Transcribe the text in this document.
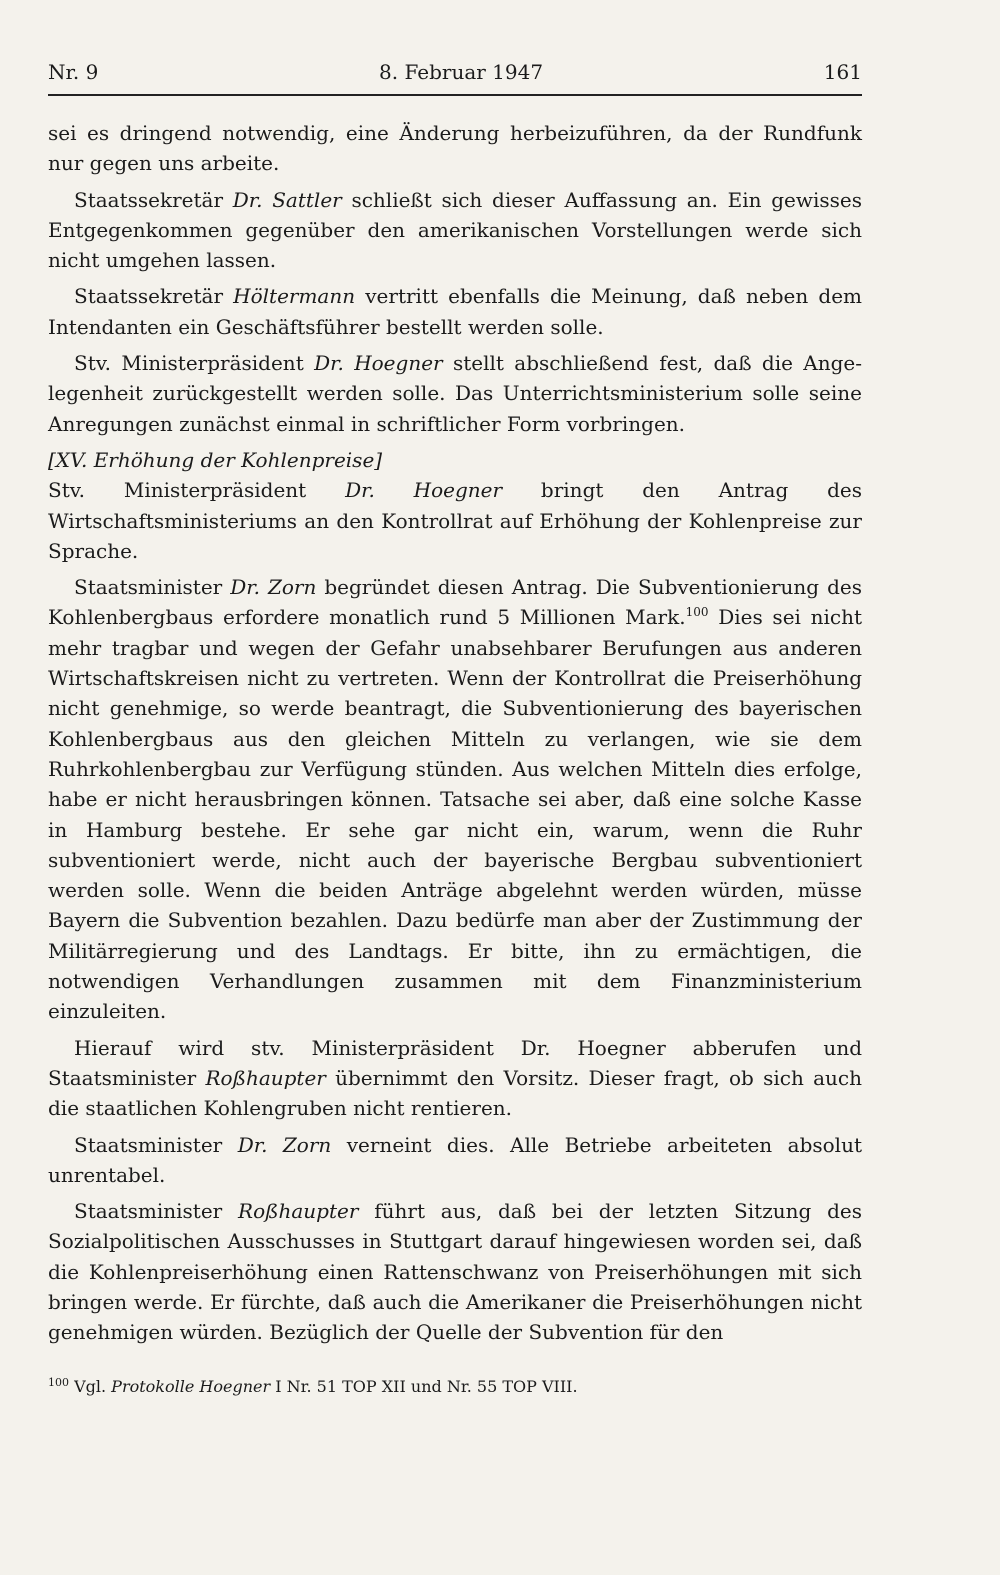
Nr. 9	8. Februar 1947	161

sei es dringend notwendig, eine Änderung herbeizuführen, da der Rundfunk nur gegen uns arbeite.

Staatssekretär Dr. Sattler schließt sich dieser Auffassung an. Ein gewisses Entgegenkommen gegenüber den amerikanischen Vorstellungen werde sich nicht umgehen lassen.

Staatssekretär Höltermann vertritt ebenfalls die Meinung, daß neben dem Intendanten ein Geschäftsführer bestellt werden solle.

Stv. Ministerpräsident Dr. Hoegner stellt abschließend fest, daß die Ange-legenheit zurückgestellt werden solle. Das Unterrichtsministerium solle seine Anregungen zunächst einmal in schriftlicher Form vorbringen.

[XV. Erhöhung der Kohlenpreise]

Stv. Ministerpräsident Dr. Hoegner bringt den Antrag des Wirtschaftsministeriums an den Kontrollrat auf Erhöhung der Kohlenpreise zur Sprache.

Staatsminister Dr. Zorn begründet diesen Antrag. Die Subventionierung des Kohlenbergbaus erfordere monatlich rund 5 Millionen Mark.$^{100}$ Dies sei nicht mehr tragbar und wegen der Gefahr unabsehbarer Berufungen aus anderen Wirtschaftskreisen nicht zu vertreten. Wenn der Kontrollrat die Preiserhöhung nicht genehmige, so werde beantragt, die Subventionierung des bayerischen Kohlenbergbaus aus den gleichen Mitteln zu verlangen, wie sie dem Ruhrkohlenbergbau zur Verfügung stünden. Aus welchen Mitteln dies erfolge, habe er nicht herausbringen können. Tatsache sei aber, daß eine solche Kasse in Hamburg bestehe. Er sehe gar nicht ein, warum, wenn die Ruhr subventioniert werde, nicht auch der bayerische Bergbau subventioniert werden solle. Wenn die beiden Anträge abgelehnt werden würden, müsse Bayern die Subvention bezahlen. Dazu bedürfe man aber der Zustimmung der Militärregierung und des Landtags. Er bitte, ihn zu ermächtigen, die notwendigen Verhandlungen zusammen mit dem Finanzministerium einzuleiten.

Hierauf wird stv. Ministerpräsident Dr. Hoegner abberufen und Staatsminister Roßhaupter übernimmt den Vorsitz. Dieser fragt, ob sich auch die staatlichen Kohlengruben nicht rentieren.

Staatsminister Dr. Zorn verneint dies. Alle Betriebe arbeiteten absolut unrentabel.

Staatsminister Roßhaupter führt aus, daß bei der letzten Sitzung des Sozialpolitischen Ausschusses in Stuttgart darauf hingewiesen worden sei, daß die Kohlenpreiserhöhung einen Rattenschwanz von Preiserhöhungen mit sich bringen werde. Er fürchte, daß auch die Amerikaner die Preiserhöhungen nicht genehmigen würden. Bezüglich der Quelle der Subvention für den

$^{100}$ Vgl. Protokolle Hoegner I Nr. 51 TOP XII und Nr. 55 TOP VIII.
